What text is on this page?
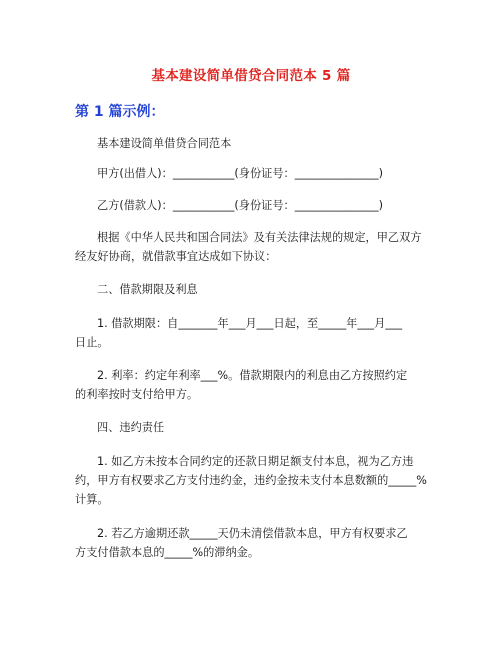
基本建设简单借贷合同范本 5 篇
第 1 篇示例：
基本建设简单借贷合同范本
甲方(出借人)：___________(身份证号：_______________)
乙方(借款人)：___________(身份证号：_______________)
根据《中华人民共和国合同法》及有关法律法规的规定，甲乙双方
经友好协商，就借款事宜达成如下协议：
二、借款期限及利息
1. 借款期限：自_______年___月___日起，至_____年___月___
日止。
2. 利率：约定年利率___%。借款期限内的利息由乙方按照约定
的利率按时支付给甲方。
四、违约责任
1. 如乙方未按本合同约定的还款日期足额支付本息，视为乙方违
约，甲方有权要求乙方支付违约金，违约金按未支付本息数额的_____%
计算。
2. 若乙方逾期还款_____天仍未清偿借款本息，甲方有权要求乙
方支付借款本息的_____%的滞纳金。
